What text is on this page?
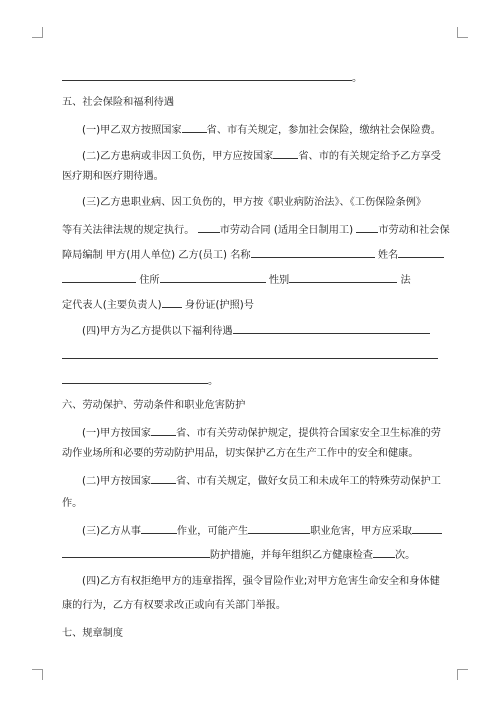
。
五、社会保险和福利待遇
(一)甲乙双方按照国家 省、市有关规定，参加社会保险，缴纳社会保险费。
(二)乙方患病或非因工负伤，甲方应按国家 省、市的有关规定给予乙方享受
医疗期和医疗期待遇。
(三)乙方患职业病、因工负伤的，甲方按《职业病防治法》、《工伤保险条例》
等有关法律法规的规定执行。 市劳动合同 (适用全日制用工) 市劳动和社会保
障局编制 甲方(用人单位) 乙方(员工) 名称	姓名
住所	性别	法
定代表人(主要负责人) 身份证(护照)号
(四)甲方为乙方提供以下福利待遇
。
六、劳动保护、劳动条件和职业危害防护
(一)甲方按国家 省、市有关劳动保护规定，提供符合国家安全卫生标准的劳
动作业场所和必要的劳动防护用品，切实保护乙方在生产工作中的安全和健康。
(二)甲方按国家 省、市有关规定，做好女员工和未成年工的特殊劳动保护工
作。
(三)乙方从事	作业，可能产生	职业危害，甲方应采取
防护措施，并每年组织乙方健康检查 次。
(四)乙方有权拒绝甲方的违章指挥，强令冒险作业;对甲方危害生命安全和身体健
康的行为，乙方有权要求改正或向有关部门举报。
七、规章制度
